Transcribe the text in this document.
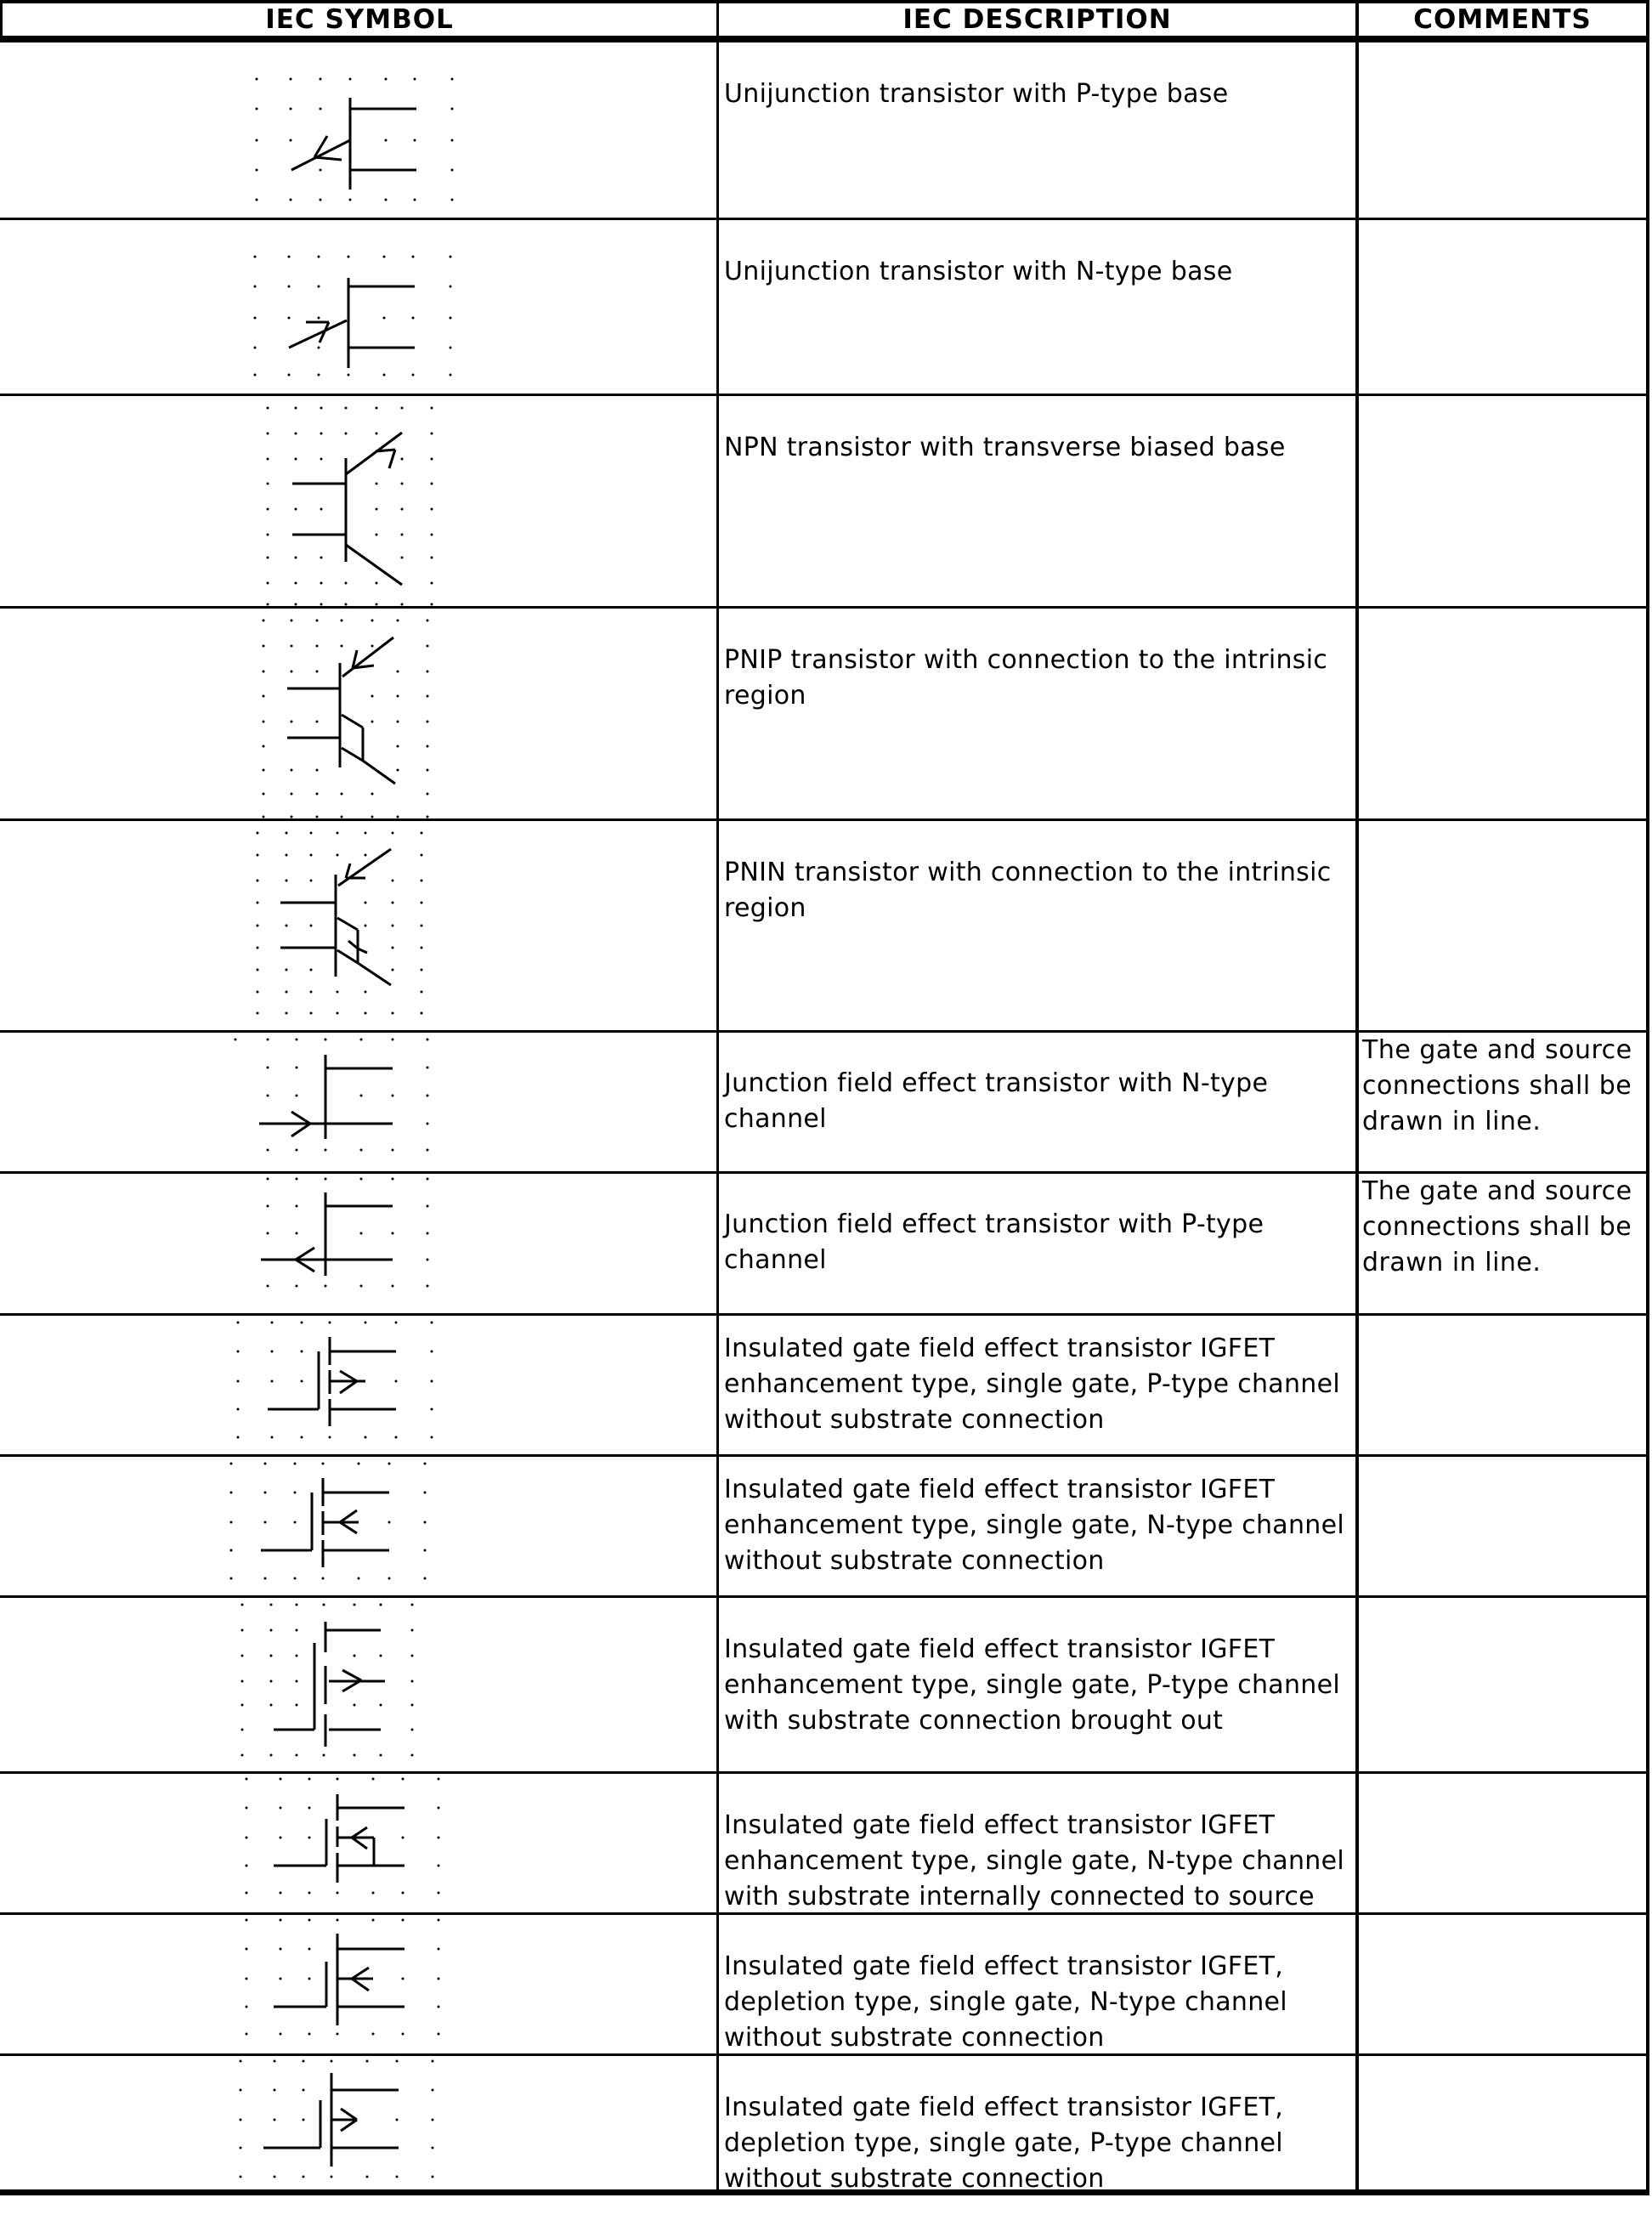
IEC SYMBOL	IEC DESCRIPTION	COMMENTS
Unijunction transistor with P-type base
Unijunction transistor with N-type base
NPN transistor with transverse biased base
PNIP transistor with connection to the intrinsic region
PNIN transistor with connection to the intrinsic region
Junction field effect transistor with N-type channel
The gate and source connections shall be drawn in line.
Junction field effect transistor with P-type channel
The gate and source connections shall be drawn in line.
Insulated gate field effect transistor IGFET enhancement type, single gate, P-type channel without substrate connection
Insulated gate field effect transistor IGFET enhancement type, single gate, N-type channel without substrate connection
Insulated gate field effect transistor IGFET enhancement type, single gate, P-type channel with substrate connection brought out
Insulated gate field effect transistor IGFET enhancement type, single gate, N-type channel with substrate internally connected to source
Insulated gate field effect transistor IGFET, depletion type, single gate, N-type channel without substrate connection
Insulated gate field effect transistor IGFET, depletion type, single gate, P-type channel without substrate connection
